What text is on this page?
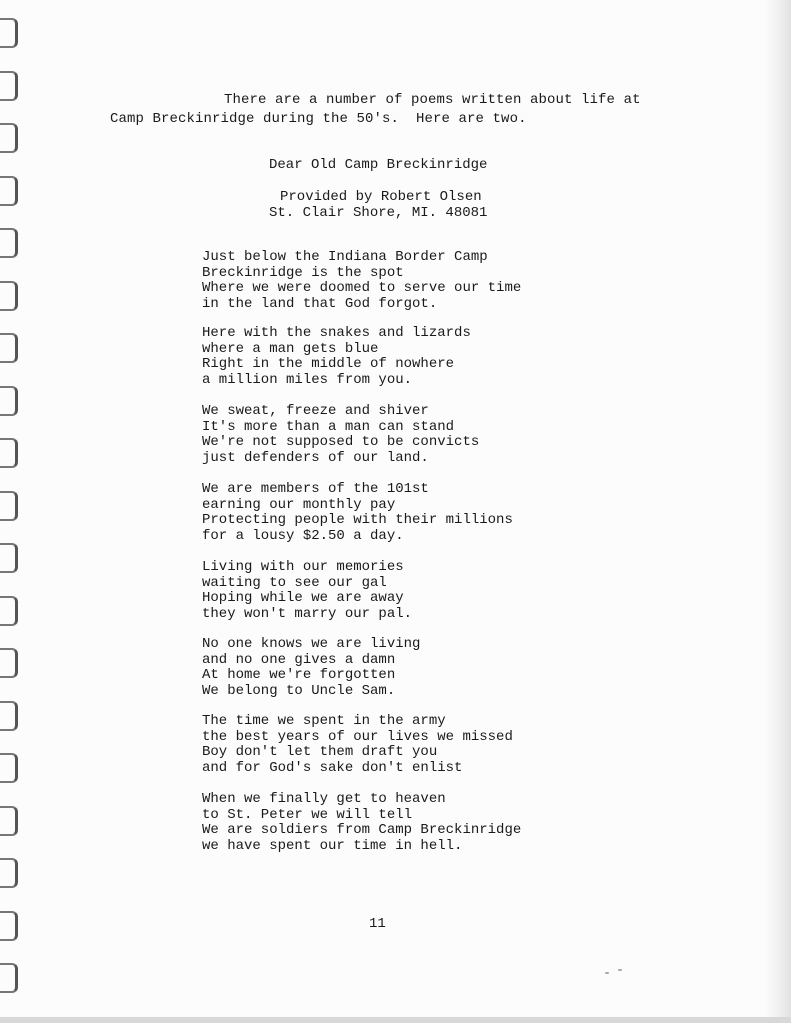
There are a number of poems written about life at
Camp Breckinridge during the 50's.  Here are two.
Dear Old Camp Breckinridge
Provided by Robert Olsen
St. Clair Shore, MI. 48081
Just below the Indiana Border Camp
Breckinridge is the spot
Where we were doomed to serve our time
in the land that God forgot.
Here with the snakes and lizards
where a man gets blue
Right in the middle of nowhere
a million miles from you.
We sweat, freeze and shiver
It's more than a man can stand
We're not supposed to be convicts
just defenders of our land.
We are members of the 101st
earning our monthly pay
Protecting people with their millions
for a lousy $2.50 a day.
Living with our memories
waiting to see our gal
Hoping while we are away
they won't marry our pal.
No one knows we are living
and no one gives a damn
At home we're forgotten
We belong to Uncle Sam.
The time we spent in the army
the best years of our lives we missed
Boy don't let them draft you
and for God's sake don't enlist
When we finally get to heaven
to St. Peter we will tell
We are soldiers from Camp Breckinridge
we have spent our time in hell.
11
